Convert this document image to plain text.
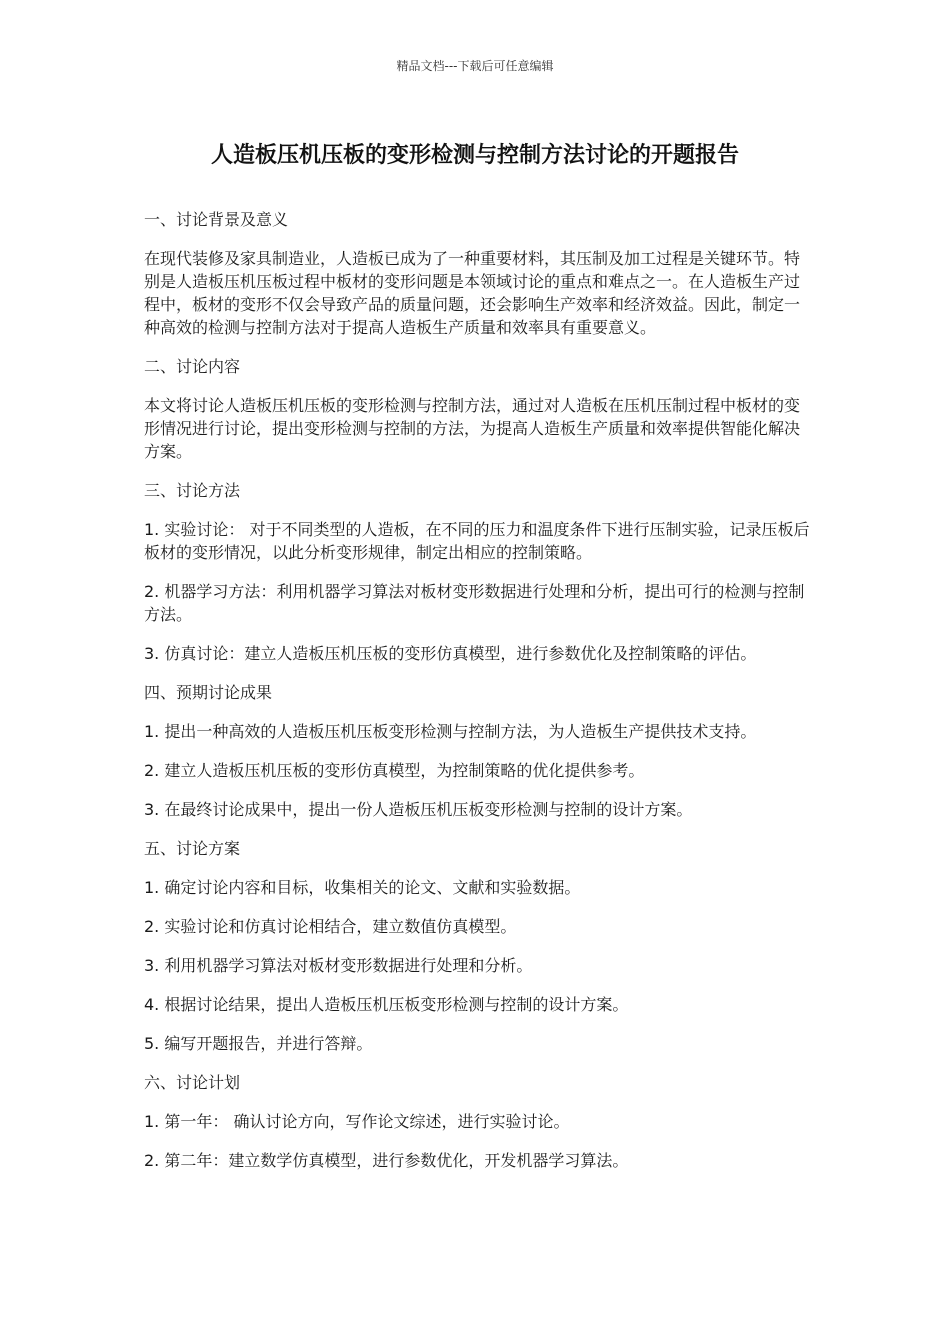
精品文档---下载后可任意编辑
人造板压机压板的变形检测与控制方法讨论的开题报告

一、讨论背景及意义

在现代装修及家具制造业，人造板已成为了一种重要材料，其压制及加工过程是关键环节。特别是人造板压机压板过程中板材的变形问题是本领域讨论的重点和难点之一。在人造板生产过程中，板材的变形不仅会导致产品的质量问题，还会影响生产效率和经济效益。因此，制定一种高效的检测与控制方法对于提高人造板生产质量和效率具有重要意义。

二、讨论内容

本文将讨论人造板压机压板的变形检测与控制方法，通过对人造板在压机压制过程中板材的变形情况进行讨论，提出变形检测与控制的方法，为提高人造板生产质量和效率提供智能化解决方案。

三、讨论方法

1. 实验讨论： 对于不同类型的人造板，在不同的压力和温度条件下进行压制实验，记录压板后板材的变形情况，以此分析变形规律，制定出相应的控制策略。

2. 机器学习方法：利用机器学习算法对板材变形数据进行处理和分析，提出可行的检测与控制方法。

3. 仿真讨论：建立人造板压机压板的变形仿真模型，进行参数优化及控制策略的评估。

四、预期讨论成果

1. 提出一种高效的人造板压机压板变形检测与控制方法，为人造板生产提供技术支持。

2. 建立人造板压机压板的变形仿真模型，为控制策略的优化提供参考。

3. 在最终讨论成果中，提出一份人造板压机压板变形检测与控制的设计方案。

五、讨论方案

1. 确定讨论内容和目标，收集相关的论文、文献和实验数据。

2. 实验讨论和仿真讨论相结合，建立数值仿真模型。

3. 利用机器学习算法对板材变形数据进行处理和分析。

4. 根据讨论结果，提出人造板压机压板变形检测与控制的设计方案。

5. 编写开题报告，并进行答辩。

六、讨论计划

1. 第一年： 确认讨论方向，写作论文综述，进行实验讨论。

2. 第二年：建立数学仿真模型，进行参数优化，开发机器学习算法。
